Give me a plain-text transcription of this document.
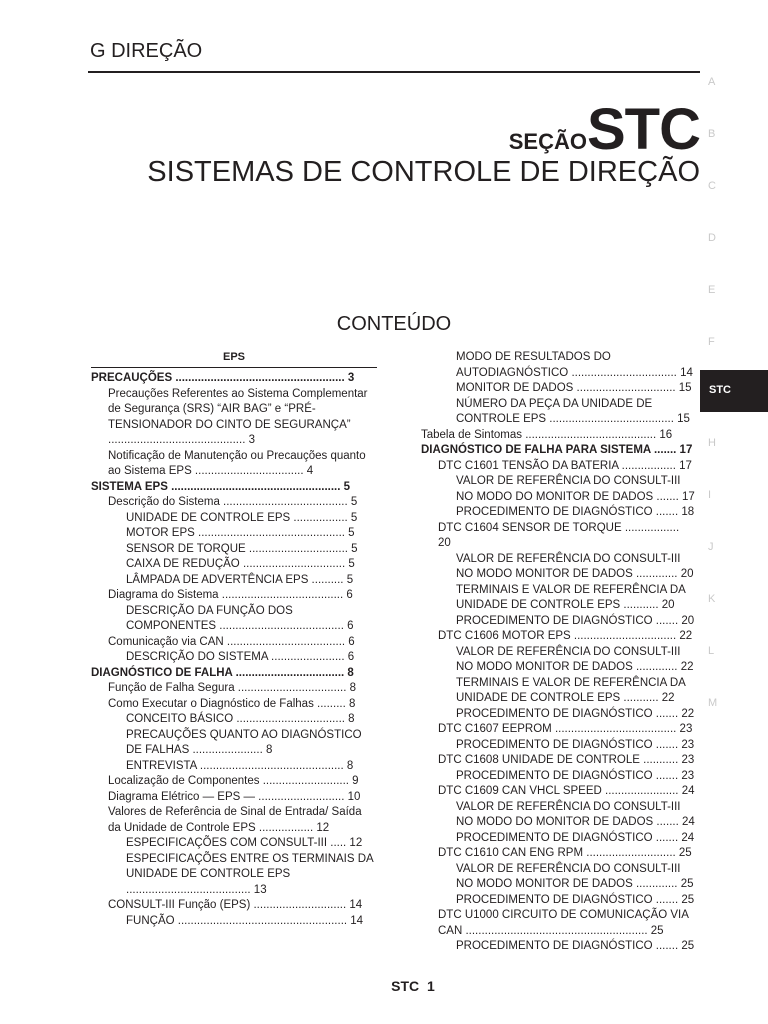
G DIREÇÃO
SEÇÃOSTC
SISTEMAS DE CONTROLE DE DIREÇÃO
CONTEÚDO
A
B
C
D
E
F
STC
H
I
J
K
L
M
EPS
PRECAUÇÕES ..................................................... 3
Precauções Referentes ao Sistema Complementar de Segurança (SRS) “AIR BAG” e “PRÉ-TENSIONADOR DO CINTO DE SEGURANÇA” ........................................... 3
Notificação de Manutenção ou Precauções quanto ao Sistema EPS .................................. 4
SISTEMA EPS ..................................................... 5
Descrição do Sistema ....................................... 5
UNIDADE DE CONTROLE EPS ................. 5
MOTOR EPS .............................................. 5
SENSOR DE TORQUE ............................... 5
CAIXA DE REDUÇÃO ................................ 5
LÂMPADA DE ADVERTÊNCIA EPS .......... 5
Diagrama do Sistema ...................................... 6
DESCRIÇÃO DA FUNÇÃO DOS COMPONENTES ....................................... 6
Comunicação via CAN ..................................... 6
DESCRIÇÃO DO SISTEMA ....................... 6
DIAGNÓSTICO DE FALHA .................................. 8
Função de Falha Segura .................................. 8
Como Executar o Diagnóstico de Falhas ......... 8
CONCEITO BÁSICO .................................. 8
PRECAUÇÕES QUANTO AO DIAGNÓSTICO DE FALHAS ...................... 8
ENTREVISTA ............................................. 8
Localização de Componentes ........................... 9
Diagrama Elétrico — EPS — ........................... 10
Valores de Referência de Sinal de Entrada/ Saída da Unidade de Controle EPS ................. 12
ESPECIFICAÇÕES COM CONSULT-III ..... 12
ESPECIFICAÇÕES ENTRE OS TERMINAIS DA UNIDADE DE CONTROLE EPS ....................................... 13
CONSULT-III Função (EPS) ............................. 14
FUNÇÃO ..................................................... 14
MODO DE RESULTADOS DO AUTODIAGNÓSTICO ................................. 14
MONITOR DE DADOS ............................... 15
NÚMERO DA PEÇA DA UNIDADE DE CONTROLE EPS ....................................... 15
Tabela de Sintomas ......................................... 16
DIAGNÓSTICO DE FALHA PARA SISTEMA ....... 17
DTC C1601 TENSÃO DA BATERIA ................. 17
VALOR DE REFERÊNCIA DO CONSULT-III NO MODO DO MONITOR DE DADOS ....... 17
PROCEDIMENTO DE DIAGNÓSTICO ....... 18
DTC C1604 SENSOR DE TORQUE ................. 20
VALOR DE REFERÊNCIA DO CONSULT-III NO MODO MONITOR DE DADOS ............. 20
TERMINAIS E VALOR DE REFERÊNCIA DA UNIDADE DE CONTROLE EPS ........... 20
PROCEDIMENTO DE DIAGNÓSTICO ....... 20
DTC C1606 MOTOR EPS ................................ 22
VALOR DE REFERÊNCIA DO CONSULT-III NO MODO MONITOR DE DADOS ............. 22
TERMINAIS E VALOR DE REFERÊNCIA DA UNIDADE DE CONTROLE EPS ........... 22
PROCEDIMENTO DE DIAGNÓSTICO ....... 22
DTC C1607 EEPROM ...................................... 23
PROCEDIMENTO DE DIAGNÓSTICO ....... 23
DTC C1608 UNIDADE DE CONTROLE ........... 23
PROCEDIMENTO DE DIAGNÓSTICO ....... 23
DTC C1609 CAN VHCL SPEED ....................... 24
VALOR DE REFERÊNCIA DO CONSULT-III NO MODO DO MONITOR DE DADOS ....... 24
PROCEDIMENTO DE DIAGNÓSTICO ....... 24
DTC C1610 CAN ENG RPM ............................ 25
VALOR DE REFERÊNCIA DO CONSULT-III NO MODO MONITOR DE DADOS ............. 25
PROCEDIMENTO DE DIAGNÓSTICO ....... 25
DTC U1000 CIRCUITO DE COMUNICAÇÃO VIA CAN ......................................................... 25
PROCEDIMENTO DE DIAGNÓSTICO ....... 25
STC 1
